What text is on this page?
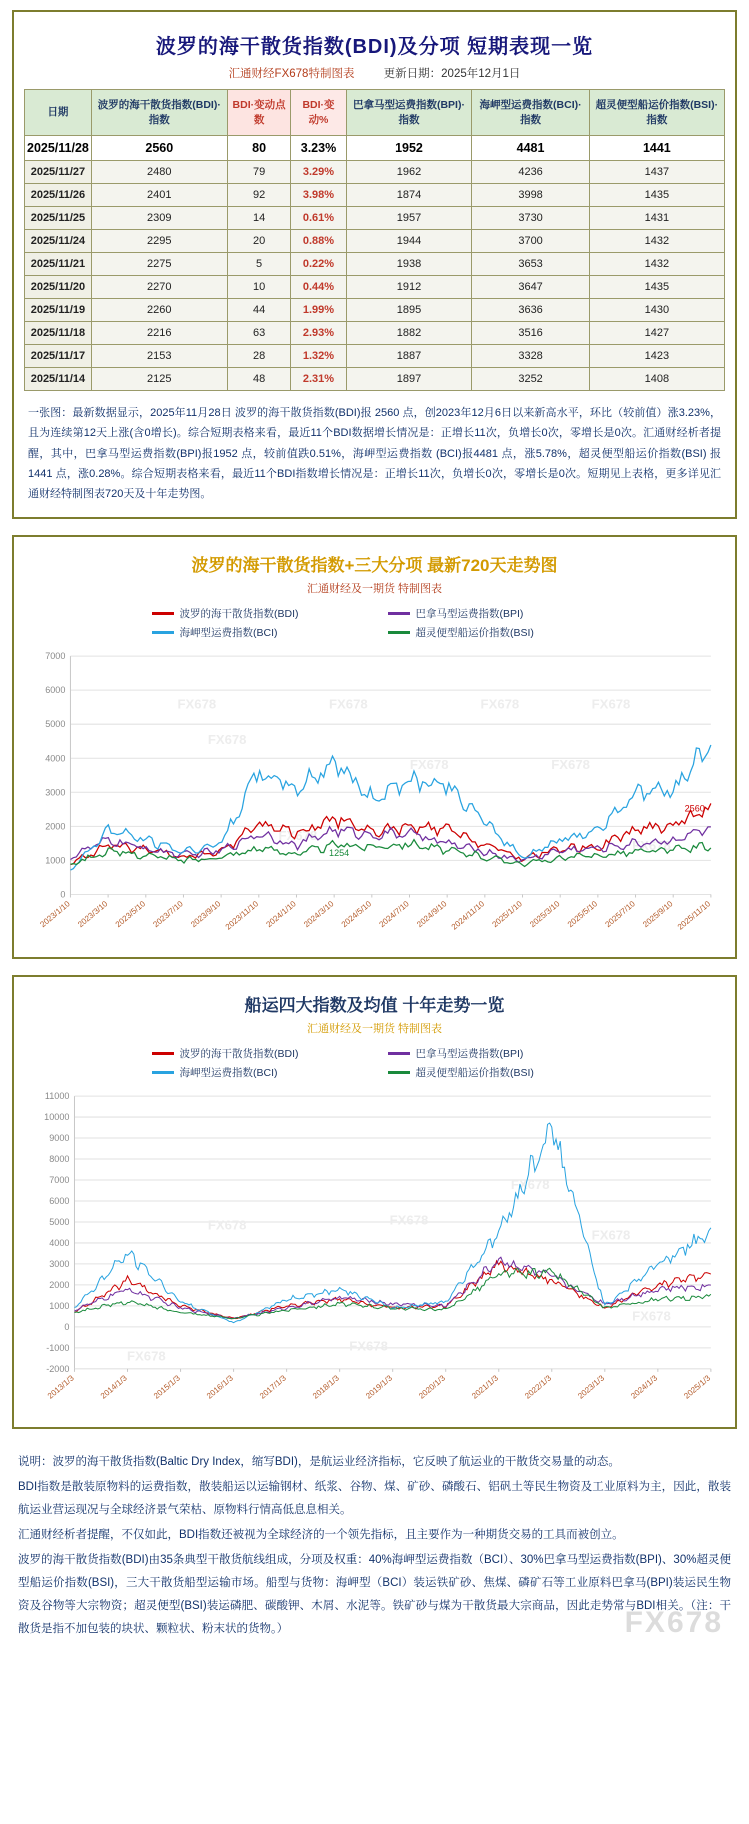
波罗的海干散货指数(BDI)及分项 短期表现一览
汇通财经FX678特制图表	更新日期：2025年12月1日
日期	波罗的海干散货指数(BDI)·指数	BDI·变动点数	BDI·变动%	巴拿马型运费指数(BPI)·指数	海岬型运费指数(BCI)·指数	超灵便型船运价指数(BSI)·指数
2025/11/28	2560	80	3.23%	1952	4481	1441
2025/11/27	2480	79	3.29%	1962	4236	1437
2025/11/26	2401	92	3.98%	1874	3998	1435
2025/11/25	2309	14	0.61%	1957	3730	1431
2025/11/24	2295	20	0.88%	1944	3700	1432
2025/11/21	2275	5	0.22%	1938	3653	1432
2025/11/20	2270	10	0.44%	1912	3647	1435
2025/11/19	2260	44	1.99%	1895	3636	1430
2025/11/18	2216	63	2.93%	1882	3516	1427
2025/11/17	2153	28	1.32%	1887	3328	1423
2025/11/14	2125	48	2.31%	1897	3252	1408
一张图：最新数据显示，2025年11月28日 波罗的海干散货指数(BDI)报 2560 点，创2023年12月6日以来新高水平，环比（较前值）涨3.23%，且为连续第12天上涨(含0增长)。综合短期表格来看，最近11个BDI数据增长情况是：正增长11次，负增长0次，零增长是0次。汇通财经析者提醒，其中，巴拿马型运费指数(BPI)报1952 点，较前值跌0.51%，海岬型运费指数 (BCI)报4481 点，涨5.78%，超灵便型船运价指数(BSI) 报1441 点，涨0.28%。综合短期表格来看，最近11个BDI指数增长情况是：正增长11次，负增长0次，零增长是0次。短期见上表格，更多详见汇通财经特制图表720天及十年走势图。
波罗的海干散货指数+三大分项 最新720天走势图
汇通财经及一期货 特制图表
波罗的海干散货指数(BDI)	巴拿马型运费指数(BPI)
海岬型运费指数(BCI)	超灵便型船运价指数(BSI)
0
1000
2000
3000
4000
5000
6000
7000
FX678	FX678	FX678	FX678
FX678
FX678	FX678
FX678
FX678
2023/1/10 2023/3/10 2023/5/10 2023/7/10 2023/9/10 2023/11/10 2024/1/10 2024/3/10 2024/5/10 2024/7/10 2024/9/10 2024/11/10 2025/1/10 2025/3/10 2025/5/10 2025/7/10 2025/9/10 2025/11/10
2560
1254
船运四大指数及均值 十年走势一览
汇通财经及一期货 特制图表
波罗的海干散货指数(BDI)	巴拿马型运费指数(BPI)
海岬型运费指数(BCI)	超灵便型船运价指数(BSI)
-2000
-1000
0
1000
2000
3000
4000
5000
6000
7000
8000
9000
10000
11000
FX678	FX678
FX678
FX678
FX678
FX678
FX678
2013/1/3	2014/1/3	2015/1/3	2016/1/3	2017/1/3	2018/1/3	2019/1/3	2020/1/3	2021/1/3	2022/1/3	2023/1/3	2024/1/3	2025/1/3

说明：波罗的海干散货指数(Baltic Dry Index，缩写BDI)，是航运业经济指标，它反映了航运业的干散货交易量的动态。

BDI指数是散装原物料的运费指数，散装船运以运输钢材、纸浆、谷物、煤、矿砂、磷酸石、铝矾土等民生物资及工业原料为主，因此，散装航运业营运现况与全球经济景气荣枯、原物料行情高低息息相关。

汇通财经析者提醒，不仅如此，BDI指数还被视为全球经济的一个领先指标，且主要作为一种期货交易的工具而被创立。

波罗的海干散货指数(BDI)由35条典型干散货航线组成，分项及权重：40%海岬型运费指数（BCI）、30%巴拿马型运费指数(BPI)、30%超灵便型船运价指数(BSI)，三大干散货船型运输市场。船型与货物：海岬型（BCI）装运铁矿砂、焦煤、磷矿石等工业原料巴拿马(BPI)装运民生物资及谷物等大宗物资；超灵便型(BSI)装运磷肥、碳酸钾、木屑、水泥等。铁矿砂与煤为干散货最大宗商品，因此走势常与BDI相关。（注：干散货是指不加包装的块状、颗粒状、粉末状的货物。）	FX678
